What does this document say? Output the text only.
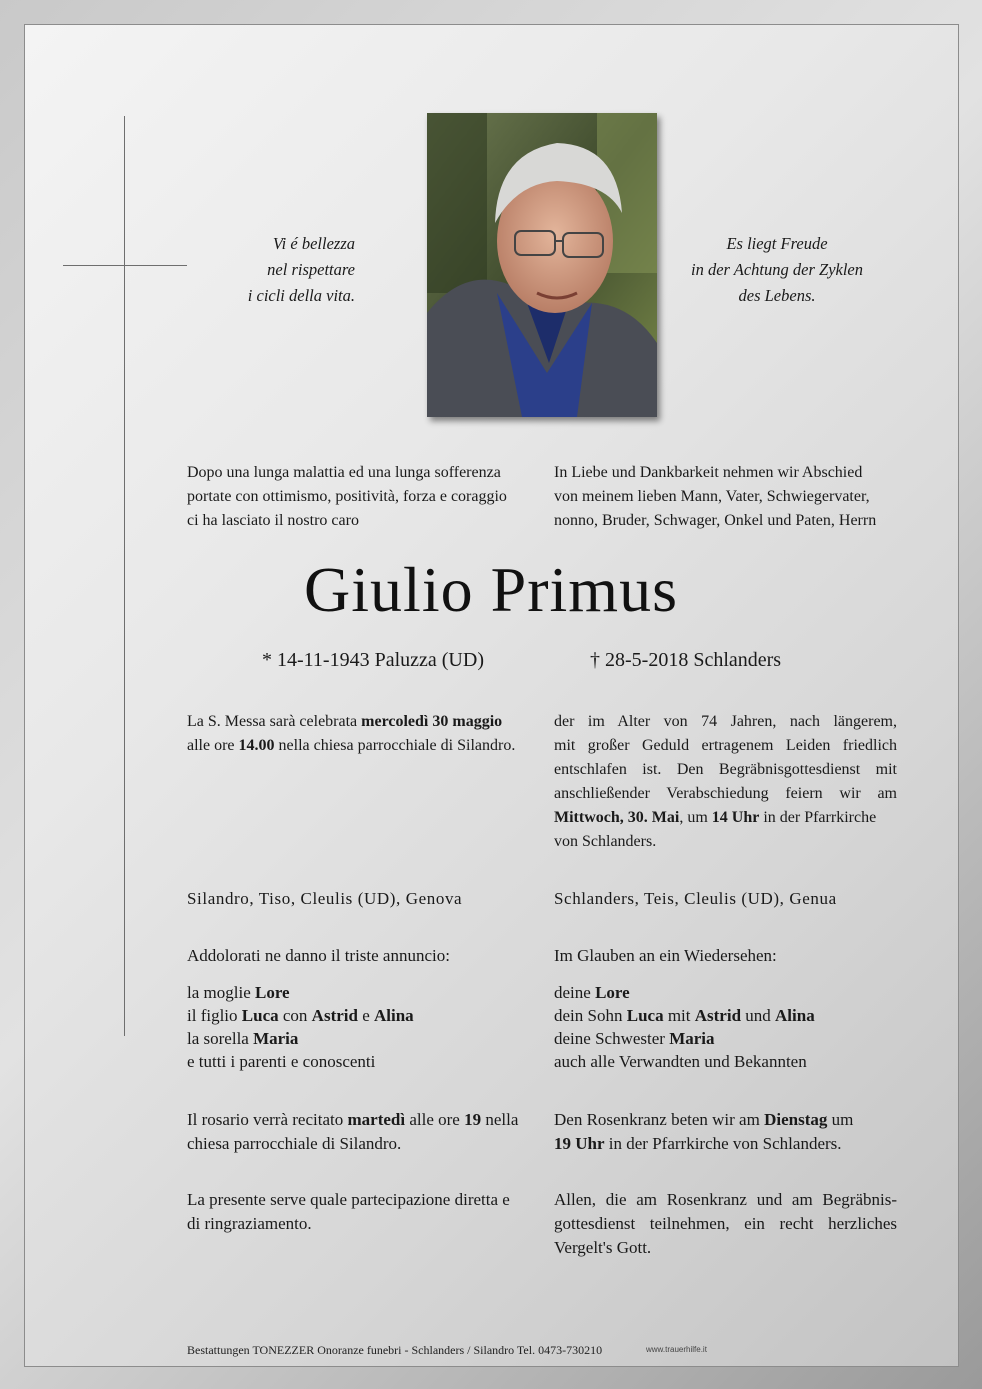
Vi é bellezza
nel rispettare
i cicli della vita.
Es liegt Freude
in der Achtung der Zyklen
des Lebens.
Dopo una lunga malattia ed una lunga sofferenza
portate con ottimismo, positività, forza e coraggio
ci ha lasciato il nostro caro
In Liebe und Dankbarkeit nehmen wir Abschied
von meinem lieben Mann, Vater, Schwiegervater,
nonno, Bruder, Schwager, Onkel und Paten, Herrn
Giulio Primus
* 14-11-1943 Paluzza (UD)	† 28-5-2018 Schlanders
La S. Messa sarà celebrata mercoledì 30 maggio
alle ore 14.00 nella chiesa parrocchiale di Silandro.
der im Alter von 74 Jahren, nach längerem,
mit großer Geduld ertragenem Leiden friedlich
entschlafen ist. Den Begräbnisgottesdienst mit
anschließender Verabschiedung feiern wir am
Mittwoch, 30. Mai, um 14 Uhr in der Pfarrkirche
von Schlanders.
Silandro, Tiso, Cleulis (UD), Genova	Schlanders, Teis, Cleulis (UD), Genua
Addolorati ne danno il triste annuncio:	Im Glauben an ein Wiedersehen:
la moglie Lore
il figlio Luca con Astrid e Alina
la sorella Maria
e tutti i parenti e conoscenti
deine Lore
dein Sohn Luca mit Astrid und Alina
deine Schwester Maria
auch alle Verwandten und Bekannten
Il rosario verrà recitato martedì alle ore 19 nella
chiesa parrocchiale di Silandro.
Den Rosenkranz beten wir am Dienstag um
19 Uhr in der Pfarrkirche von Schlanders.
La presente serve quale partecipazione diretta e
di ringraziamento.
Allen, die am Rosenkranz und am Begräbnis-
gottesdienst teilnehmen, ein recht herzliches
Vergelt's Gott.
Bestattungen TONEZZER Onoranze funebri - Schlanders / Silandro Tel. 0473-730210	www.trauerhilfe.it
